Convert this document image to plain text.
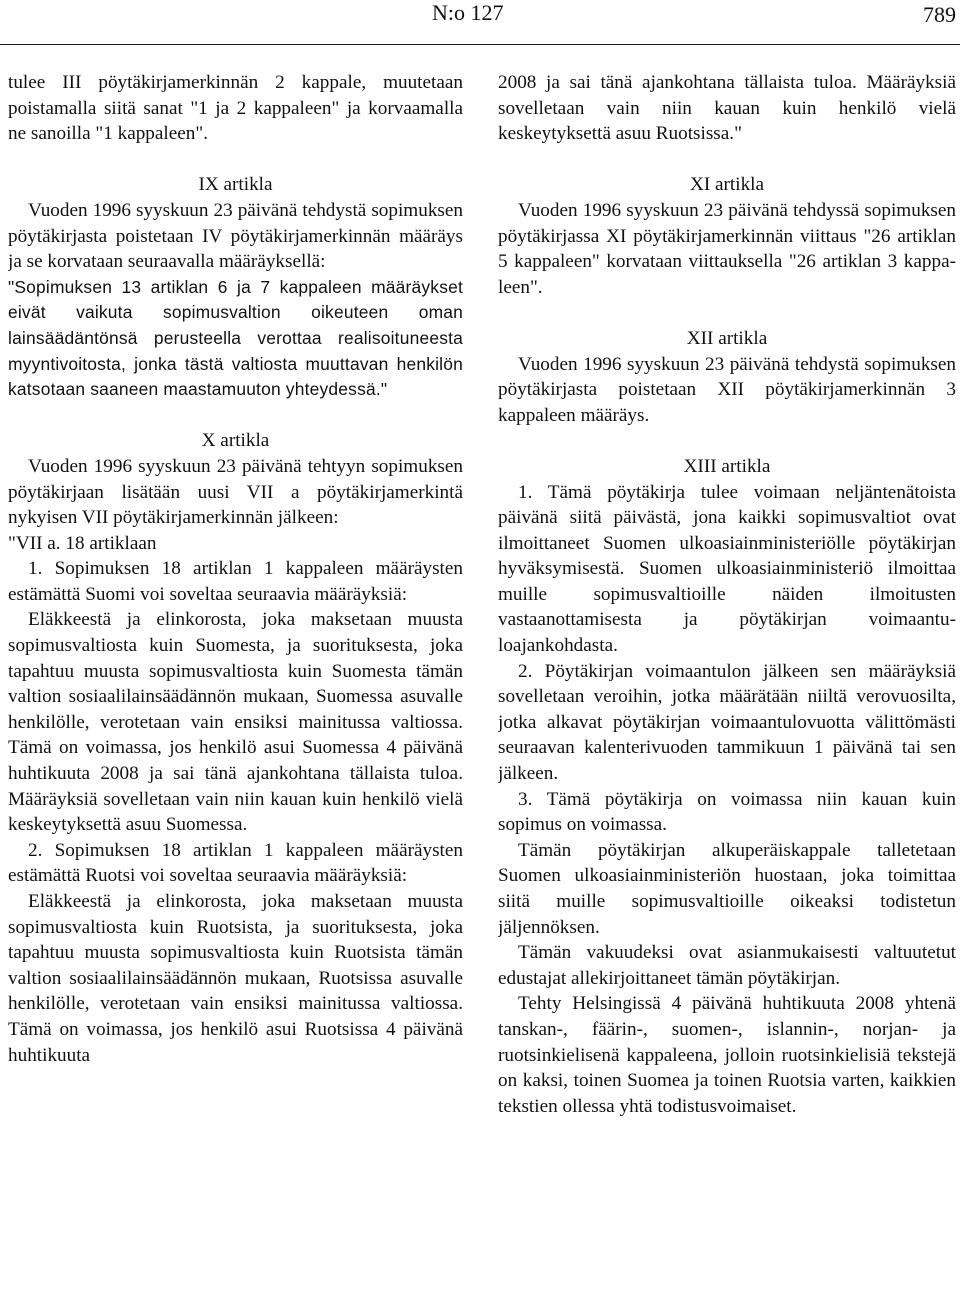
N:o 127	789

tulee III pöytäkirjamerkinnän 2 kappale, muutetaan poistamalla siitä sanat "1 ja 2 kappaleen" ja korvaamalla ne sanoilla "1 kappaleen".

IX artikla

Vuoden 1996 syyskuun 23 päivänä tehdystä sopimuksen pöytäkirjasta poistetaan IV pöytäkirjamerkinnän määräys ja se korvataan seuraavalla määräyksellä:

"Sopimuksen 13 artiklan 6 ja 7 kappaleen määräykset eivät vaikuta sopimusvaltion oikeuteen oman lainsäädäntönsä perusteella verottaa realisoituneesta myyntivoitosta, jonka tästä valtiosta muuttavan henkilön katsotaan saaneen maastamuuton yhteydessä."

X artikla

Vuoden 1996 syyskuun 23 päivänä tehtyyn sopimuksen pöytäkirjaan lisätään uusi VII a pöytäkirjamerkintä nykyisen VII pöytäkirjamerkinnän jälkeen:

"VII a. 18 artiklaan

1. Sopimuksen 18 artiklan 1 kappaleen määräysten estämättä Suomi voi soveltaa seuraavia määräyksiä:

Eläkkeestä ja elinkorosta, joka maksetaan muusta sopimusvaltiosta kuin Suomesta, ja suorituksesta, joka tapahtuu muusta sopimusvaltiosta kuin Suomesta tämän valtion sosiaalilainsäädännön mukaan, Suomessa asuvalle henkilölle, verotetaan vain ensiksi mainitussa valtiossa. Tämä on voimassa, jos henkilö asui Suomessa 4 päivänä huhtikuuta 2008 ja sai tänä ajankohtana tällaista tuloa. Määräyksiä sovelletaan vain niin kauan kuin henkilö vielä keskeytyksettä asuu Suomessa.

2. Sopimuksen 18 artiklan 1 kappaleen määräysten estämättä Ruotsi voi soveltaa seuraavia määräyksiä:

Eläkkeestä ja elinkorosta, joka maksetaan muusta sopimusvaltiosta kuin Ruotsista, ja suorituksesta, joka tapahtuu muusta sopimusvaltiosta kuin Ruotsista tämän valtion sosiaalilainsäädännön mukaan, Ruotsissa asuvalle henkilölle, verotetaan vain ensiksi mainitussa valtiossa. Tämä on voimassa, jos henkilö asui Ruotsissa 4 päivänä huhtikuuta

2008 ja sai tänä ajankohtana tällaista tuloa. Määräyksiä sovelletaan vain niin kauan kuin henkilö vielä keskeytyksettä asuu Ruotsissa."

XI artikla

Vuoden 1996 syyskuun 23 päivänä tehdyssä sopimuksen pöytäkirjassa XI pöytäkirjamerkinnän viittaus "26 artiklan 5 kappaleen" korvataan viittauksella "26 artiklan 3 kappaleen".

XII artikla

Vuoden 1996 syyskuun 23 päivänä tehdystä sopimuksen pöytäkirjasta poistetaan XII pöytäkirjamerkinnän 3 kappaleen määräys.

XIII artikla

1. Tämä pöytäkirja tulee voimaan neljäntenätoista päivänä siitä päivästä, jona kaikki sopimusvaltiot ovat ilmoittaneet Suomen ulkoasiainministeriölle pöytäkirjan hyväksymisestä. Suomen ulkoasiainministeriö ilmoittaa muille sopimusvaltioille näiden ilmoitusten vastaanottamisesta ja pöytäkirjan voimaantuloajankohdasta.

2. Pöytäkirjan voimaantulon jälkeen sen määräyksiä sovelletaan veroihin, jotka määrätään niiltä verovuosilta, jotka alkavat pöytäkirjan voimaantulovuotta välittömästi seuraavan kalenterivuoden tammikuun 1 päivänä tai sen jälkeen.

3. Tämä pöytäkirja on voimassa niin kauan kuin sopimus on voimassa.

Tämän pöytäkirjan alkuperäiskappale talletetaan Suomen ulkoasiainministeriön huostaan, joka toimittaa siitä muille sopimusvaltioille oikeaksi todistetun jäljennöksen.

Tämän vakuudeksi ovat asianmukaisesti valtuutetut edustajat allekirjoittaneet tämän pöytäkirjan.

Tehty Helsingissä 4 päivänä huhtikuuta 2008 yhtenä tanskan-, fäärin-, suomen-, islannin-, norjan- ja ruotsinkielisenä kappaleena, jolloin ruotsinkielisiä tekstejä on kaksi, toinen Suomea ja toinen Ruotsia varten, kaikkien tekstien ollessa yhtä todistusvoimaiset.
